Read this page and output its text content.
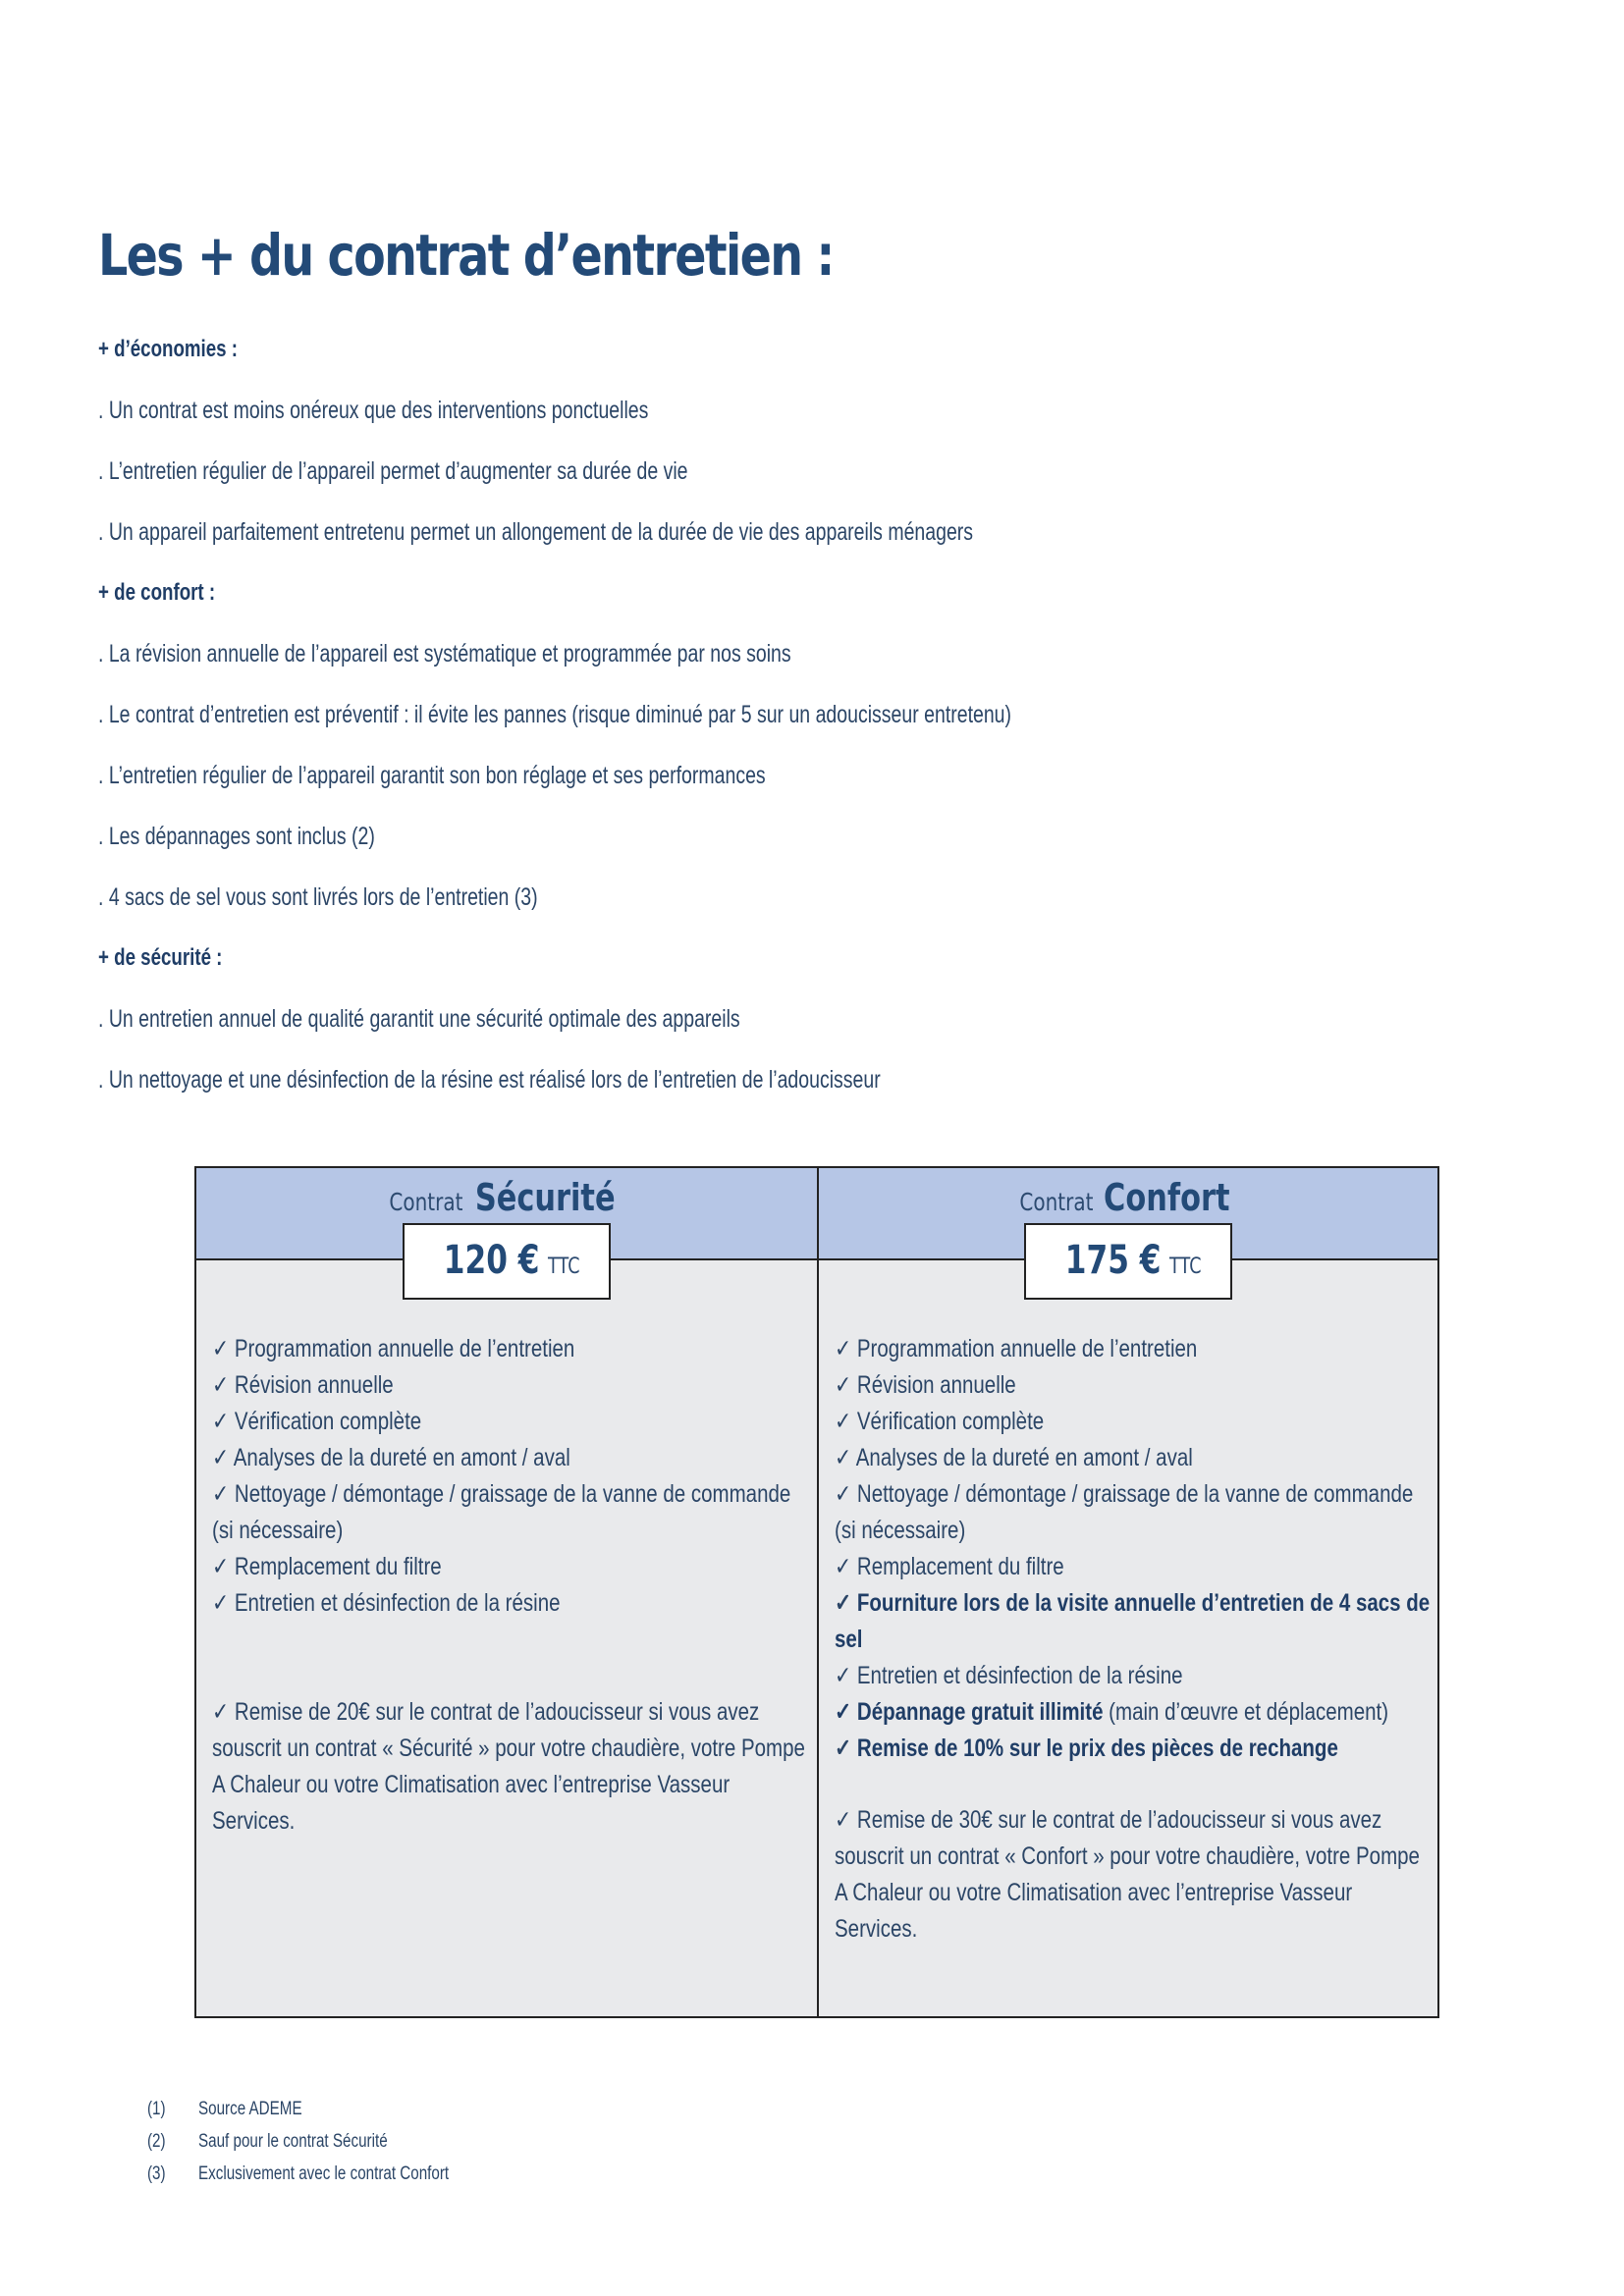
Les + du contrat d’entretien :
+ d’économies :
. Un contrat est moins onéreux que des interventions ponctuelles
. L’entretien régulier de l’appareil permet d’augmenter sa durée de vie
. Un appareil parfaitement entretenu permet un allongement de la durée de vie des appareils ménagers
+ de confort :
. La révision annuelle de l’appareil est systématique et programmée par nos soins
. Le contrat d’entretien est préventif : il évite les pannes (risque diminué par 5 sur un adoucisseur entretenu)
. L’entretien régulier de l’appareil garantit son bon réglage et ses performances
. Les dépannages sont inclus (2)
. 4 sacs de sel vous sont livrés lors de l’entretien (3)
+ de sécurité :
. Un entretien annuel de qualité garantit une sécurité optimale des appareils
. Un nettoyage et une désinfection de la résine est réalisé lors de l’entretien de l’adoucisseur
Contrat Sécurité
120 € TTC
✓ Programmation annuelle de l’entretien
✓ Révision annuelle
✓ Vérification complète
✓ Analyses de la dureté en amont / aval
✓ Nettoyage / démontage / graissage de la vanne de commande (si nécessaire)
✓ Remplacement du filtre
✓ Entretien et désinfection de la résine
✓ Remise de 20€ sur le contrat de l’adoucisseur si vous avez souscrit un contrat « Sécurité » pour votre chaudière, votre Pompe A Chaleur ou votre Climatisation avec l’entreprise Vasseur Services.
Contrat Confort
175 € TTC
✓ Programmation annuelle de l’entretien
✓ Révision annuelle
✓ Vérification complète
✓ Analyses de la dureté en amont / aval
✓ Nettoyage / démontage / graissage de la vanne de commande (si nécessaire)
✓ Remplacement du filtre
✓ Fourniture lors de la visite annuelle d’entretien de 4 sacs de sel
✓ Entretien et désinfection de la résine
✓ Dépannage gratuit illimité (main d’œuvre et déplacement)
✓ Remise de 10% sur le prix des pièces de rechange
✓ Remise de 30€ sur le contrat de l’adoucisseur si vous avez souscrit un contrat « Confort » pour votre chaudière, votre Pompe A Chaleur ou votre Climatisation avec l’entreprise Vasseur Services.
(1)	Source ADEME
(2)	Sauf pour le contrat Sécurité
(3)	Exclusivement avec le contrat Confort
